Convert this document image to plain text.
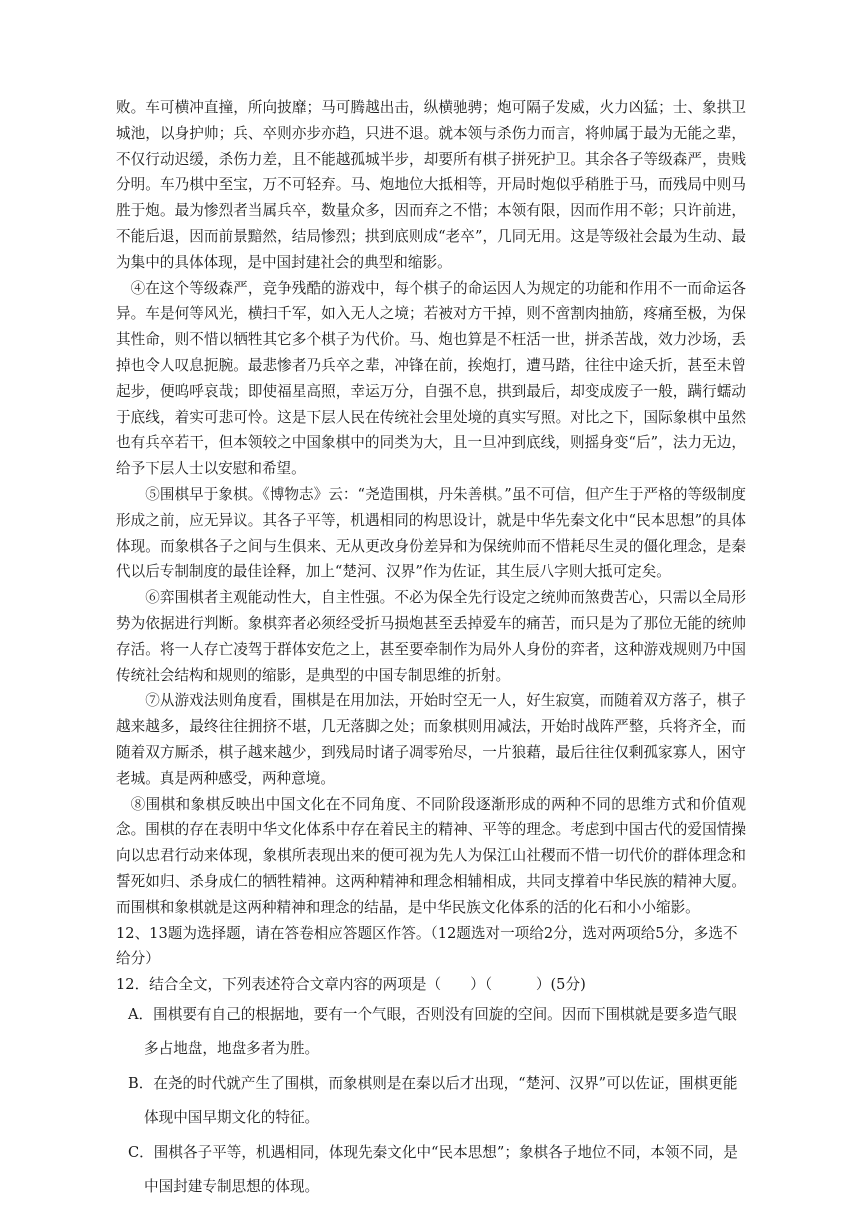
败。车可横冲直撞，所向披靡；马可腾越出击，纵横驰骋；炮可隔子发威，火力凶猛；士、象拱卫城池，以身护帅；兵、卒则亦步亦趋，只进不退。就本领与杀伤力而言，将帅属于最为无能之辈，不仅行动迟缓，杀伤力差，且不能越孤城半步，却要所有棋子拼死护卫。其余各子等级森严，贵贱分明。车乃棋中至宝，万不可轻弃。马、炮地位大抵相等，开局时炮似乎稍胜于马，而残局中则马胜于炮。最为惨烈者当属兵卒，数量众多，因而弃之不惜；本领有限，因而作用不彰；只许前进，不能后退，因而前景黯然，结局惨烈；拱到底则成“老卒”，几同无用。这是等级社会最为生动、最为集中的具体体现，是中国封建社会的典型和缩影。

④在这个等级森严，竞争残酷的游戏中，每个棋子的命运因人为规定的功能和作用不一而命运各异。车是何等风光，横扫千军，如入无人之境；若被对方干掉，则不啻割肉抽筋，疼痛至极，为保其性命，则不惜以牺牲其它多个棋子为代价。马、炮也算是不枉活一世，拼杀苦战，效力沙场，丢掉也令人叹息扼腕。最悲惨者乃兵卒之辈，冲锋在前，挨炮打，遭马踏，往往中途夭折，甚至未曾起步，便呜呼哀哉；即使福星高照，幸运万分，自强不息，拱到最后，却变成废子一般，蹒行蠕动于底线，着实可悲可怜。这是下层人民在传统社会里处境的真实写照。对比之下，国际象棋中虽然也有兵卒若干，但本领较之中国象棋中的同类为大，且一旦冲到底线，则摇身变“后”，法力无边，给予下层人士以安慰和希望。

⑤围棋早于象棋。《博物志》云：“尧造围棋，丹朱善棋。”虽不可信，但产生于严格的等级制度形成之前，应无异议。其各子平等，机遇相同的构思设计，就是中华先秦文化中“民本思想”的具体体现。而象棋各子之间与生俱来、无从更改身份差异和为保统帅而不惜耗尽生灵的僵化理念，是秦代以后专制制度的最佳诠释，加上“楚河、汉界”作为佐证，其生辰八字则大抵可定矣。

⑥弈围棋者主观能动性大，自主性强。不必为保全先行设定之统帅而煞费苦心，只需以全局形势为依据进行判断。象棋弈者必须经受折马损炮甚至丢掉爱车的痛苦，而只是为了那位无能的统帅存活。将一人存亡凌驾于群体安危之上，甚至要牵制作为局外人身份的弈者，这种游戏规则乃中国传统社会结构和规则的缩影，是典型的中国专制思维的折射。

⑦从游戏法则角度看，围棋是在用加法，开始时空无一人，好生寂寞，而随着双方落子，棋子越来越多，最终往往拥挤不堪，几无落脚之处；而象棋则用减法，开始时战阵严整，兵将齐全，而随着双方厮杀，棋子越来越少，到残局时诸子凋零殆尽，一片狼藉，最后往往仅剩孤家寡人，困守老城。真是两种感受，两种意境。

⑧围棋和象棋反映出中国文化在不同角度、不同阶段逐渐形成的两种不同的思维方式和价值观念。围棋的存在表明中华文化体系中存在着民主的精神、平等的理念。考虑到中国古代的爱国情操向以忠君行动来体现，象棋所表现出来的便可视为先人为保江山社稷而不惜一切代价的群体理念和誓死如归、杀身成仁的牺牲精神。这两种精神和理念相辅相成，共同支撑着中华民族的精神大厦。而围棋和象棋就是这两种精神和理念的结晶，是中华民族文化体系的活的化石和小小缩影。

12、13题为选择题，请在答卷相应答题区作答。（12题选对一项给2分，选对两项给5分，多选不给分）

12．结合全文，下列表述符合文章内容的两项是（　　）（　　　）(5分)

A．围棋要有自己的根据地，要有一个气眼，否则没有回旋的空间。因而下围棋就是要多造气眼多占地盘，地盘多者为胜。

B．在尧的时代就产生了围棋，而象棋则是在秦以后才出现，“楚河、汉界”可以佐证，围棋更能体现中国早期文化的特征。

C．围棋各子平等，机遇相同，体现先秦文化中“民本思想”；象棋各子地位不同，本领不同，是中国封建专制思想的体现。
